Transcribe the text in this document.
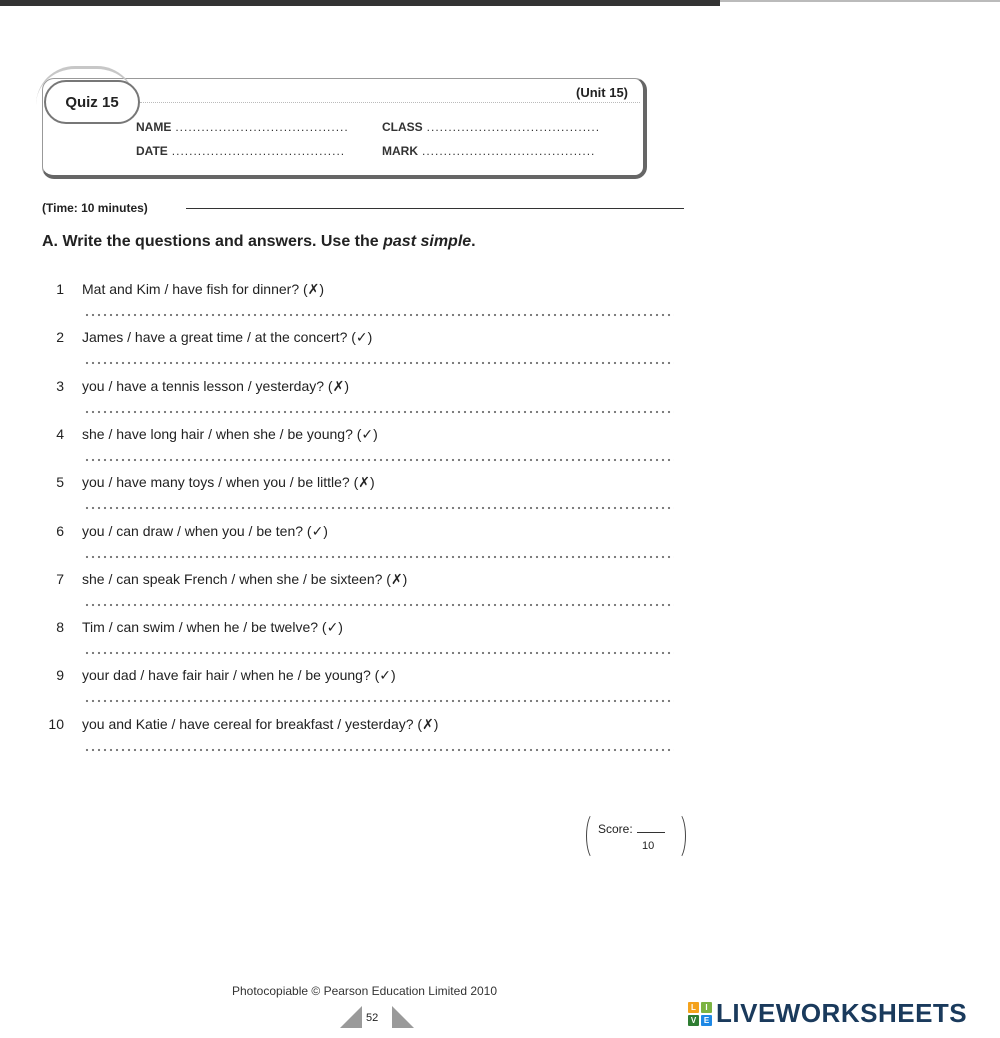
Quiz 15
(Unit 15)
NAME ........................................	CLASS ........................................
DATE ........................................	MARK ........................................
(Time: 10 minutes)
A. Write the questions and answers. Use the past simple.
1 Mat and Kim / have fish for dinner? (✗)
2 James / have a great time / at the concert? (✓)
3 you / have a tennis lesson / yesterday? (✗)
4 she / have long hair / when she / be young? (✓)
5 you / have many toys / when you / be little? (✗)
6 you / can draw / when you / be ten? (✓)
7 she / can speak French / when she / be sixteen? (✗)
8 Tim / can swim / when he / be twelve? (✓)
9 your dad / have fair hair / when he / be young? (✓)
10 you and Katie / have cereal for breakfast / yesterday? (✗)
Score:
10
Photocopiable © Pearson Education Limited 2010
52
L	I
V E LIVEWORKSHEETS
